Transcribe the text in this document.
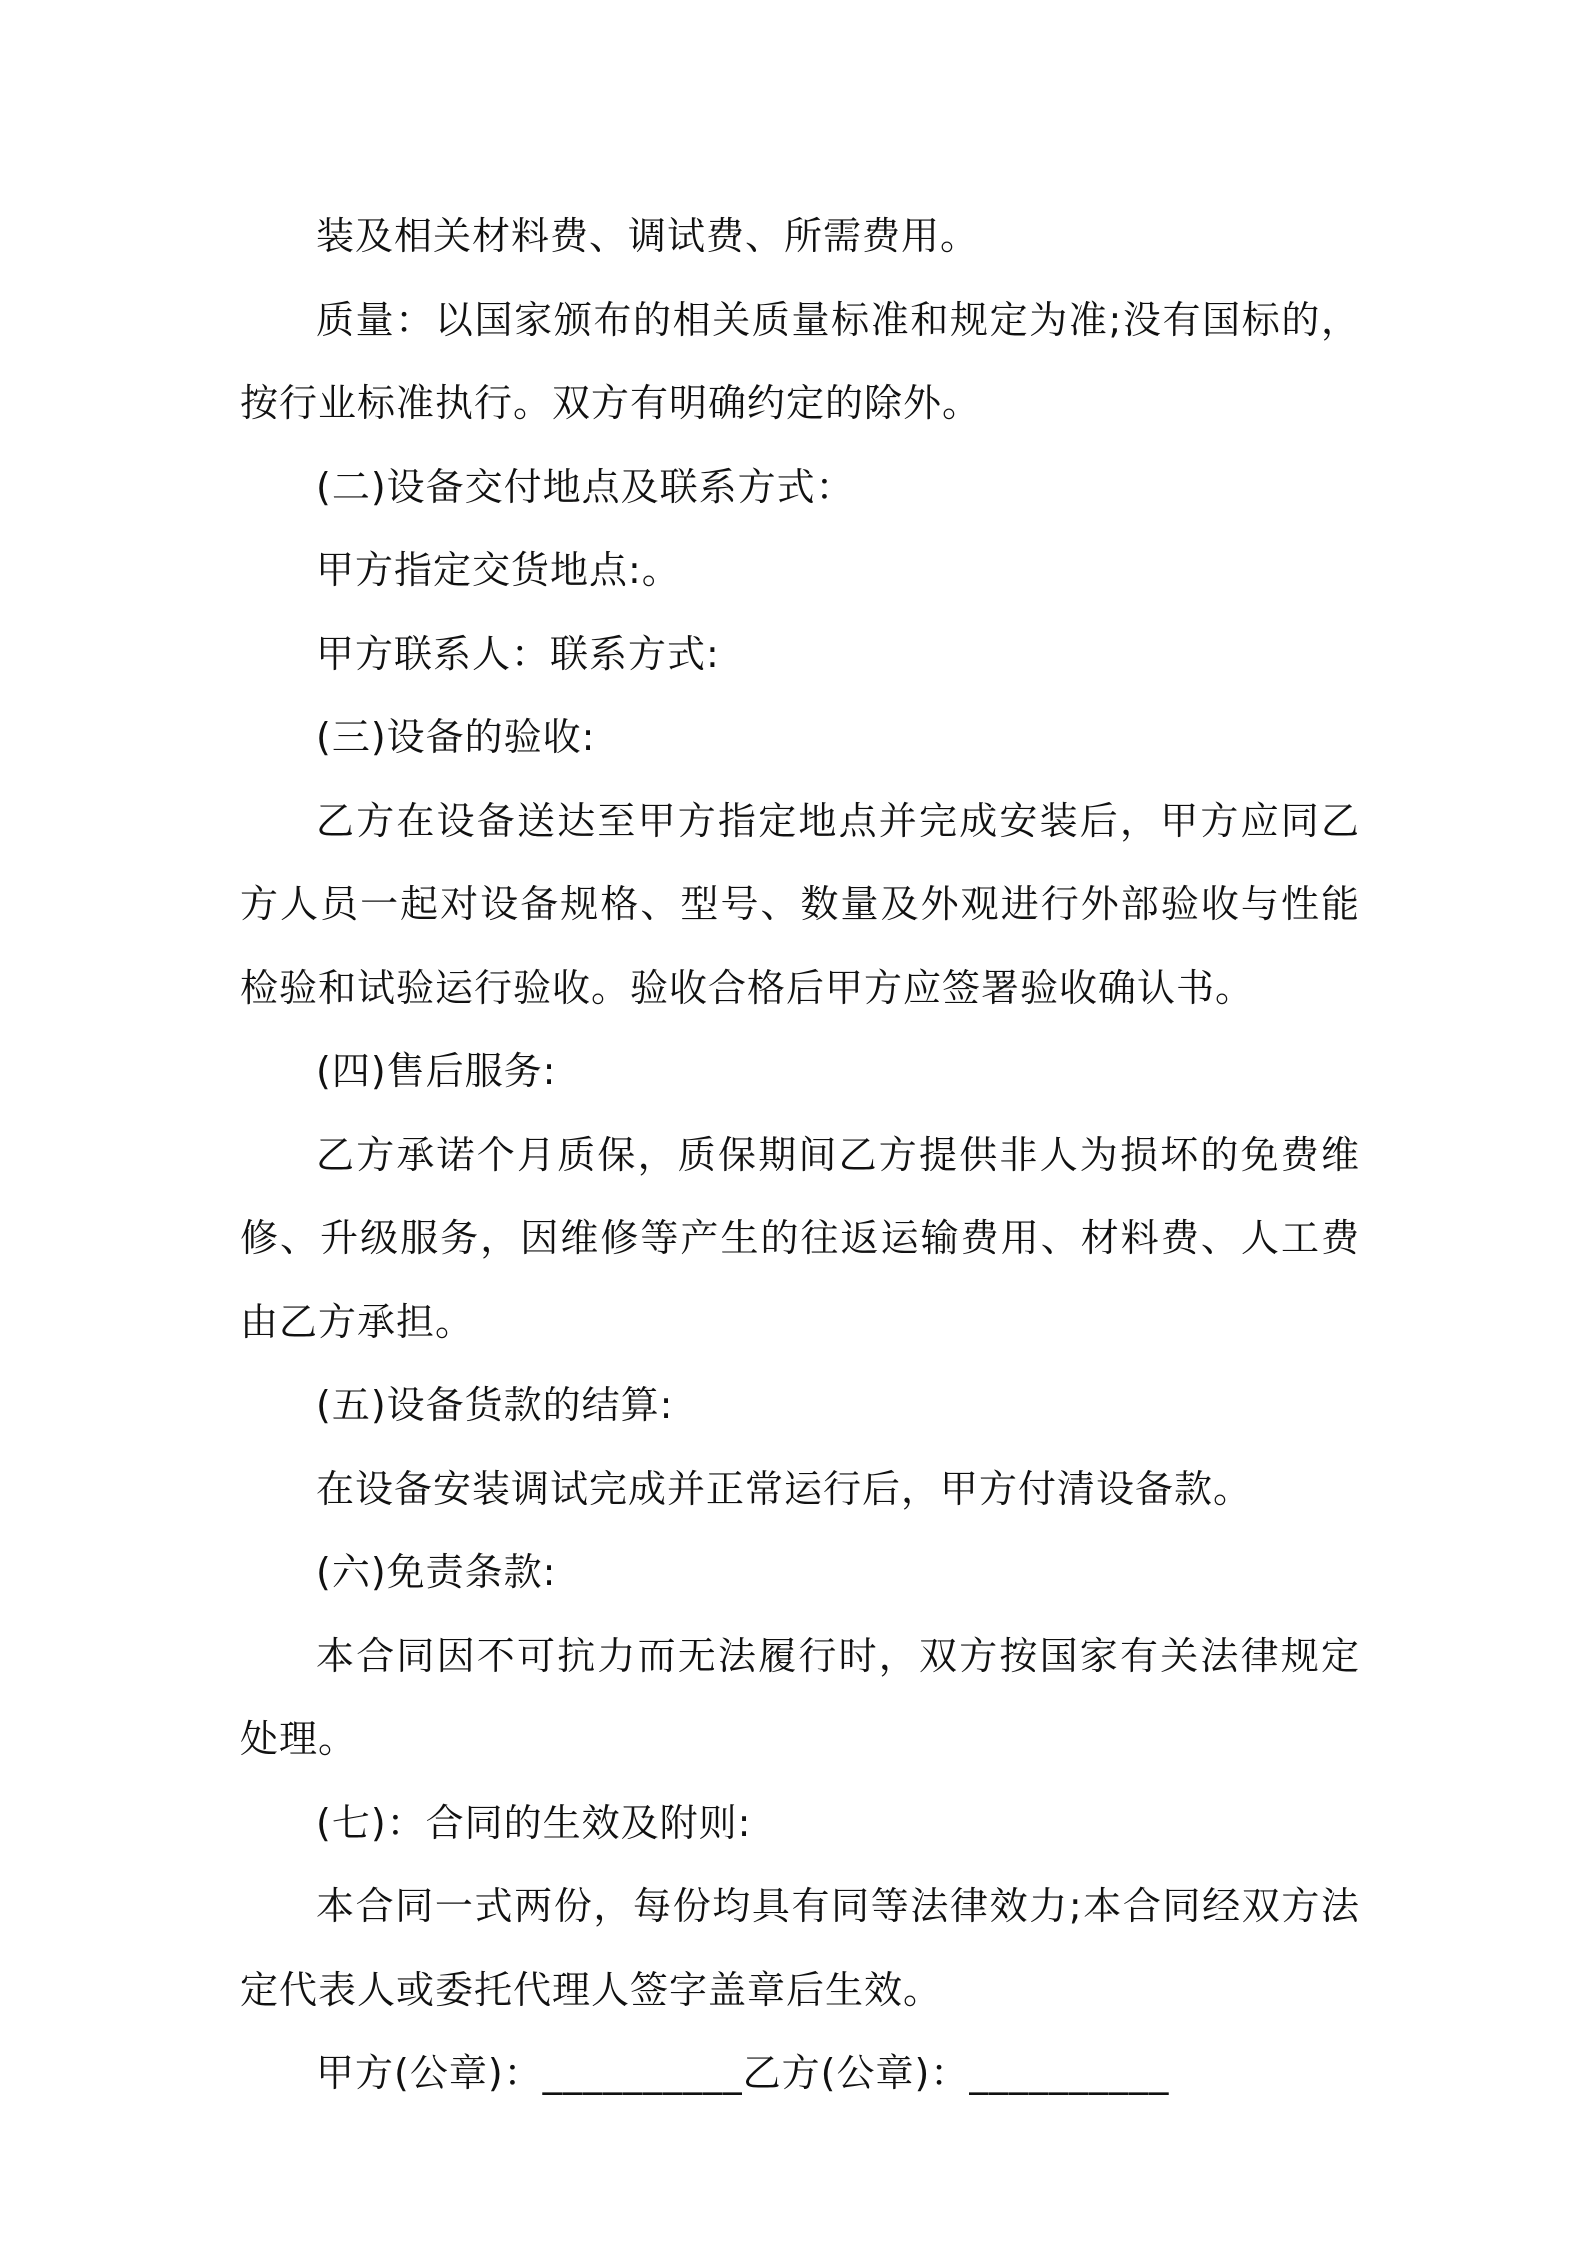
装及相关材料费、调试费、所需费用。

质量：以国家颁布的相关质量标准和规定为准;没有国标的，按行业标准执行。双方有明确约定的除外。

(二)设备交付地点及联系方式：

甲方指定交货地点:。

甲方联系人：联系方式:

(三)设备的验收:

乙方在设备送达至甲方指定地点并完成安装后，甲方应同乙方人员一起对设备规格、型号、数量及外观进行外部验收与性能检验和试验运行验收。验收合格后甲方应签署验收确认书。

(四)售后服务:

乙方承诺个月质保，质保期间乙方提供非人为损坏的免费维修、升级服务，因维修等产生的往返运输费用、材料费、人工费由乙方承担。

(五)设备货款的结算:

在设备安装调试完成并正常运行后，甲方付清设备款。

(六)免责条款:

本合同因不可抗力而无法履行时，双方按国家有关法律规定处理。

(七)：合同的生效及附则:

本合同一式两份，每份均具有同等法律效力;本合同经双方法定代表人或委托代理人签字盖章后生效。

甲方(公章)：__________乙方(公章)：__________
